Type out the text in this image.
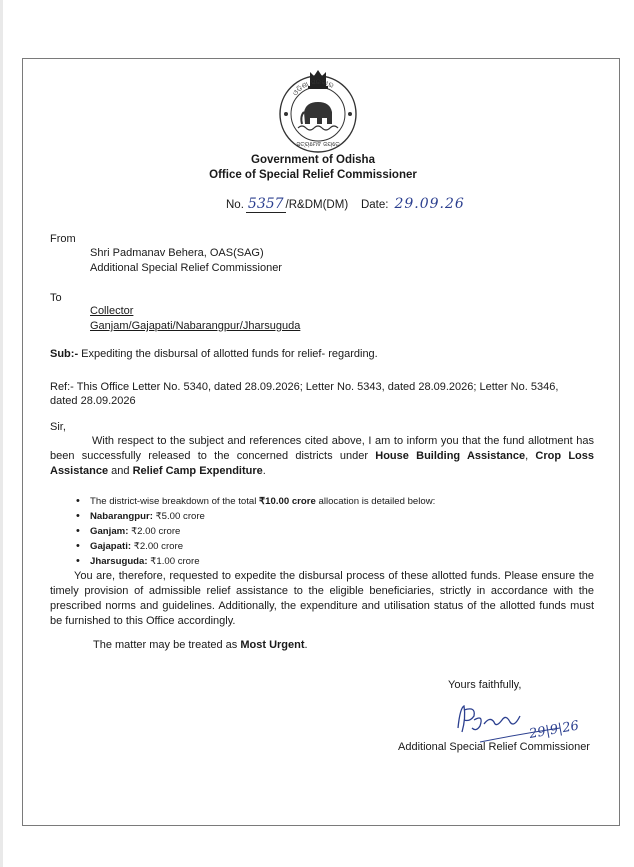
ଓଡିଶା ସରକାର
ସତ୍ୟମେବ ଜୟତେ
Government of Odisha
Office of Special Relief Commissioner
No. 5357 /R&DM(DM) Date: 29.09.26
From
Shri Padmanav Behera, OAS(SAG)
Additional Special Relief Commissioner
To
Collector
Ganjam/Gajapati/Nabarangpur/Jharsuguda
Sub:- Expediting the disbursal of allotted funds for relief- regarding.
Ref:- This Office Letter No. 5340, dated 28.09.2026; Letter No. 5343, dated 28.09.2026; Letter No. 5346,
dated 28.09.2026
Sir,
With respect to the subject and references cited above, I am to inform you that the fund allotment has been successfully released to the concerned districts under House Building Assistance, Crop Loss Assistance and Relief Camp Expenditure.
• The district-wise breakdown of the total ₹10.00 crore allocation is detailed below:
• Nabarangpur: ₹5.00 crore
• Ganjam: ₹2.00 crore
• Gajapati: ₹2.00 crore
• Jharsuguda: ₹1.00 crore
You are, therefore, requested to expedite the disbursal process of these allotted funds. Please ensure the timely provision of admissible relief assistance to the eligible beneficiaries, strictly in accordance with the prescribed norms and guidelines. Additionally, the expenditure and utilisation status of the allotted funds must be furnished to this Office accordingly.
The matter may be treated as Most Urgent.
Yours faithfully,
29|9|26
Additional Special Relief Commissioner
